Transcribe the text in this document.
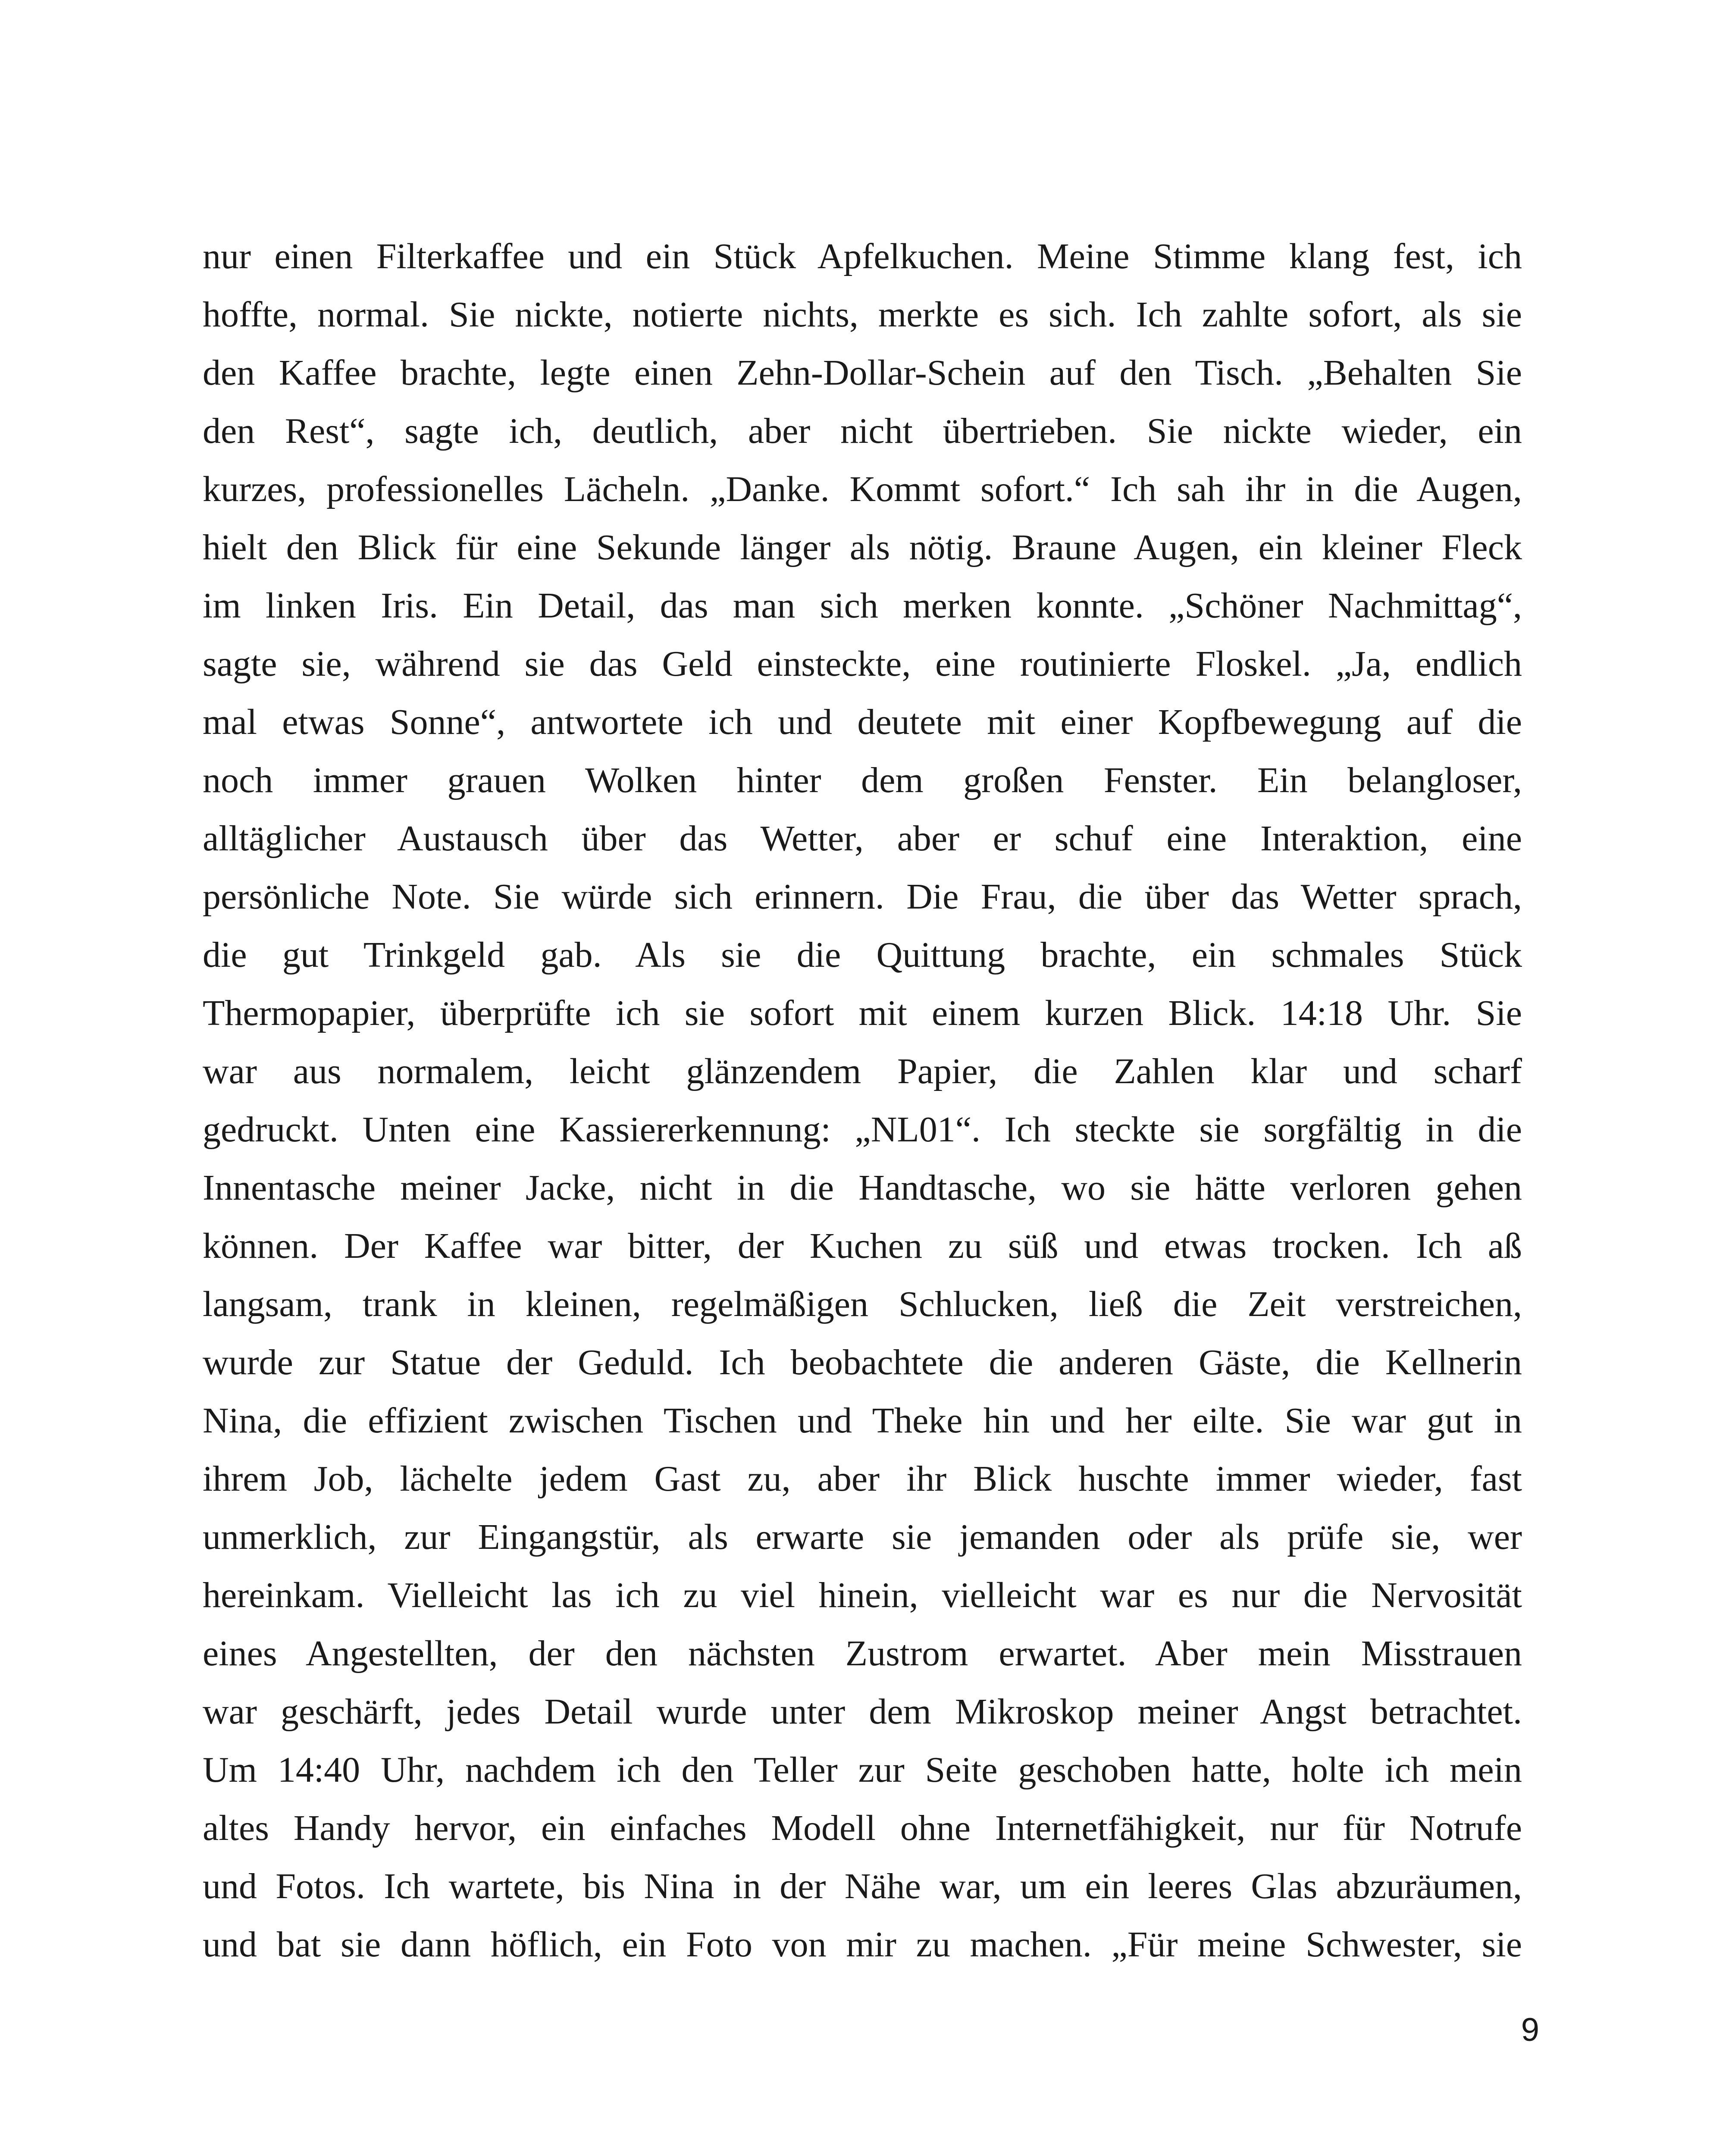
nur einen Filterkaffee und ein Stück Apfelkuchen. Meine Stimme klang fest, ich
hoffte, normal. Sie nickte, notierte nichts, merkte es sich. Ich zahlte sofort, als sie
den Kaffee brachte, legte einen Zehn-Dollar-Schein auf den Tisch. „Behalten Sie
den Rest“, sagte ich, deutlich, aber nicht übertrieben. Sie nickte wieder, ein
kurzes, professionelles Lächeln. „Danke. Kommt sofort.“ Ich sah ihr in die Augen,
hielt den Blick für eine Sekunde länger als nötig. Braune Augen, ein kleiner Fleck
im linken Iris. Ein Detail, das man sich merken konnte. „Schöner Nachmittag“,
sagte sie, während sie das Geld einsteckte, eine routinierte Floskel. „Ja, endlich
mal etwas Sonne“, antwortete ich und deutete mit einer Kopfbewegung auf die
noch immer grauen Wolken hinter dem großen Fenster. Ein belangloser,
alltäglicher Austausch über das Wetter, aber er schuf eine Interaktion, eine
persönliche Note. Sie würde sich erinnern. Die Frau, die über das Wetter sprach,
die gut Trinkgeld gab. Als sie die Quittung brachte, ein schmales Stück
Thermopapier, überprüfte ich sie sofort mit einem kurzen Blick. 14:18 Uhr. Sie
war aus normalem, leicht glänzendem Papier, die Zahlen klar und scharf
gedruckt. Unten eine Kassiererkennung: „NL01“. Ich steckte sie sorgfältig in die
Innentasche meiner Jacke, nicht in die Handtasche, wo sie hätte verloren gehen
können. Der Kaffee war bitter, der Kuchen zu süß und etwas trocken. Ich aß
langsam, trank in kleinen, regelmäßigen Schlucken, ließ die Zeit verstreichen,
wurde zur Statue der Geduld. Ich beobachtete die anderen Gäste, die Kellnerin
Nina, die effizient zwischen Tischen und Theke hin und her eilte. Sie war gut in
ihrem Job, lächelte jedem Gast zu, aber ihr Blick huschte immer wieder, fast
unmerklich, zur Eingangstür, als erwarte sie jemanden oder als prüfe sie, wer
hereinkam. Vielleicht las ich zu viel hinein, vielleicht war es nur die Nervosität
eines Angestellten, der den nächsten Zustrom erwartet. Aber mein Misstrauen
war geschärft, jedes Detail wurde unter dem Mikroskop meiner Angst betrachtet.
Um 14:40 Uhr, nachdem ich den Teller zur Seite geschoben hatte, holte ich mein
altes Handy hervor, ein einfaches Modell ohne Internetfähigkeit, nur für Notrufe
und Fotos. Ich wartete, bis Nina in der Nähe war, um ein leeres Glas abzuräumen,
und bat sie dann höflich, ein Foto von mir zu machen. „Für meine Schwester, sie
9
